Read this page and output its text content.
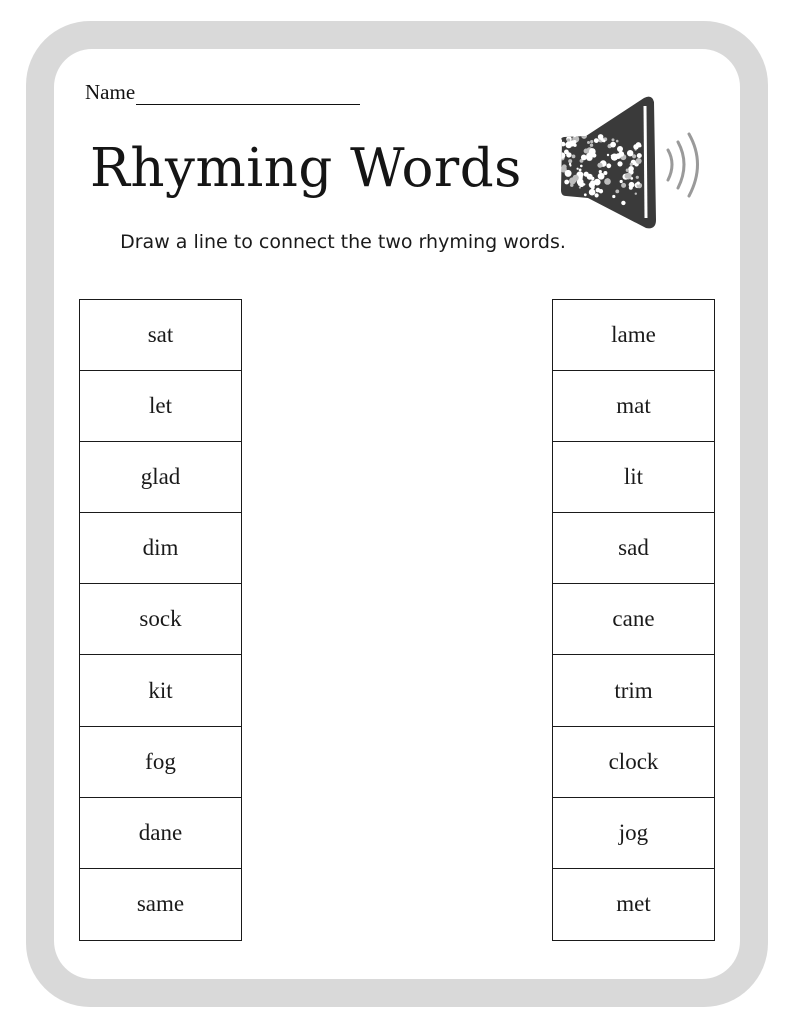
Name
Rhyming Words
Draw a line to connect the two rhyming words.
sat
let
glad
dim
sock
kit
fog
dane
same
lame
mat
lit
sad
cane
trim
clock
jog
met
